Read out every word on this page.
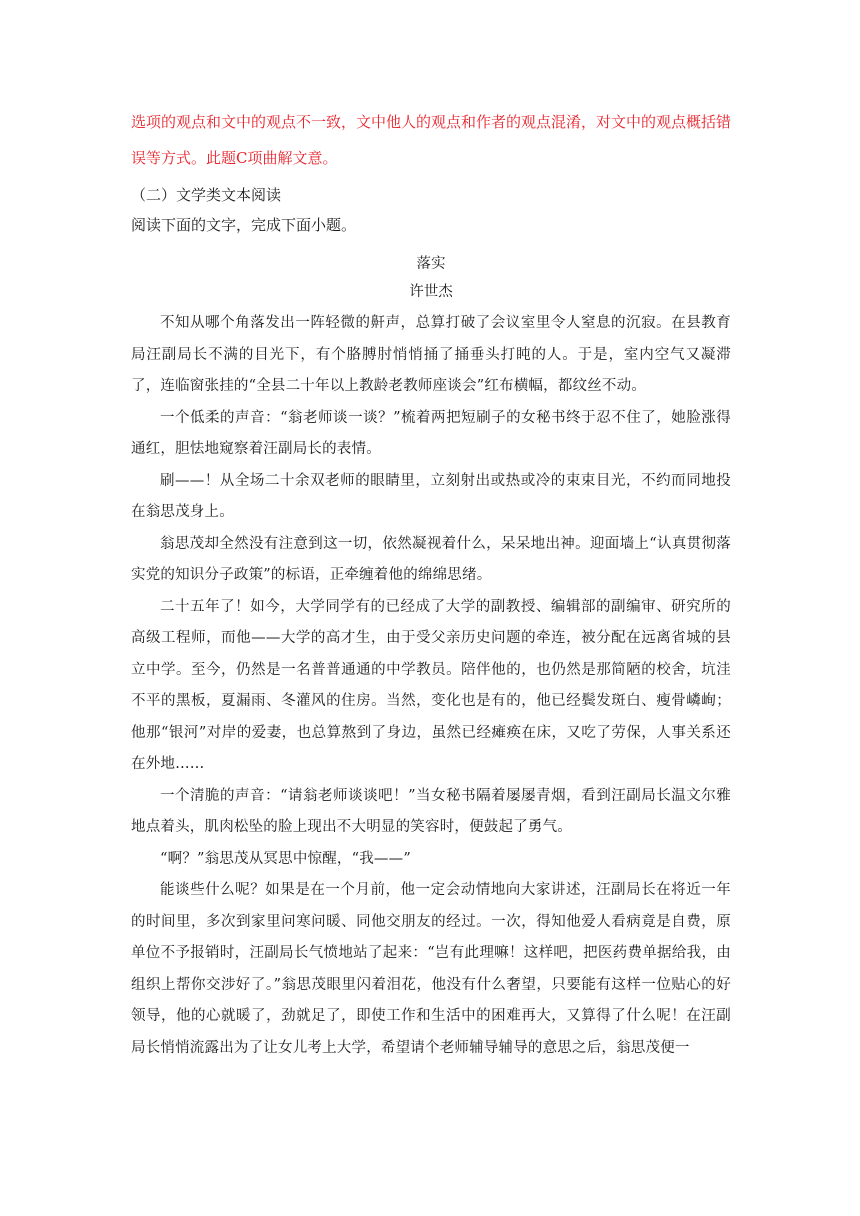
选项的观点和文中的观点不一致，文中他人的观点和作者的观点混淆，对文中的观点概括错误等方式。此题C项曲解文意。

（二）文学类文本阅读

阅读下面的文字，完成下面小题。

落实

许世杰

不知从哪个角落发出一阵轻微的鼾声，总算打破了会议室里令人窒息的沉寂。在县教育局汪副局长不满的目光下，有个胳膊肘悄悄捅了捅垂头打盹的人。于是，室内空气又凝滞了，连临窗张挂的“全县二十年以上教龄老教师座谈会”红布横幅，都纹丝不动。

一个低柔的声音：“翁老师谈一谈？”梳着两把短刷子的女秘书终于忍不住了，她脸涨得通红，胆怯地窥察着汪副局长的表情。

刷——！从全场二十余双老师的眼睛里，立刻射出或热或冷的束束目光，不约而同地投在翁思茂身上。

翁思茂却全然没有注意到这一切，依然凝视着什么，呆呆地出神。迎面墙上“认真贯彻落实党的知识分子政策”的标语，正牵缠着他的绵绵思绪。

二十五年了！如今，大学同学有的已经成了大学的副教授、编辑部的副编审、研究所的高级工程师，而他——大学的高才生，由于受父亲历史问题的牵连，被分配在远离省城的县立中学。至今，仍然是一名普普通通的中学教员。陪伴他的，也仍然是那简陋的校舍，坑洼不平的黑板，夏漏雨、冬灌风的住房。当然，变化也是有的，他已经鬓发斑白、瘦骨嶙峋；他那“银河”对岸的爱妻，也总算熬到了身边，虽然已经瘫痪在床，又吃了劳保，人事关系还在外地……

一个清脆的声音：“请翁老师谈谈吧！”当女秘书隔着屡屡青烟，看到汪副局长温文尔雅地点着头，肌肉松坠的脸上现出不大明显的笑容时，便鼓起了勇气。

“啊？”翁思茂从冥思中惊醒，“我——”

能谈些什么呢？如果是在一个月前，他一定会动情地向大家讲述，汪副局长在将近一年的时间里，多次到家里问寒问暖、同他交朋友的经过。一次，得知他爱人看病竟是自费，原单位不予报销时，汪副局长气愤地站了起来：“岂有此理嘛！这样吧，把医药费单据给我，由组织上帮你交涉好了。”翁思茂眼里闪着泪花，他没有什么奢望，只要能有这样一位贴心的好领导，他的心就暖了，劲就足了，即使工作和生活中的困难再大，又算得了什么呢！在汪副局长悄悄流露出为了让女儿考上大学，希望请个老师辅导辅导的意思之后，翁思茂便一
